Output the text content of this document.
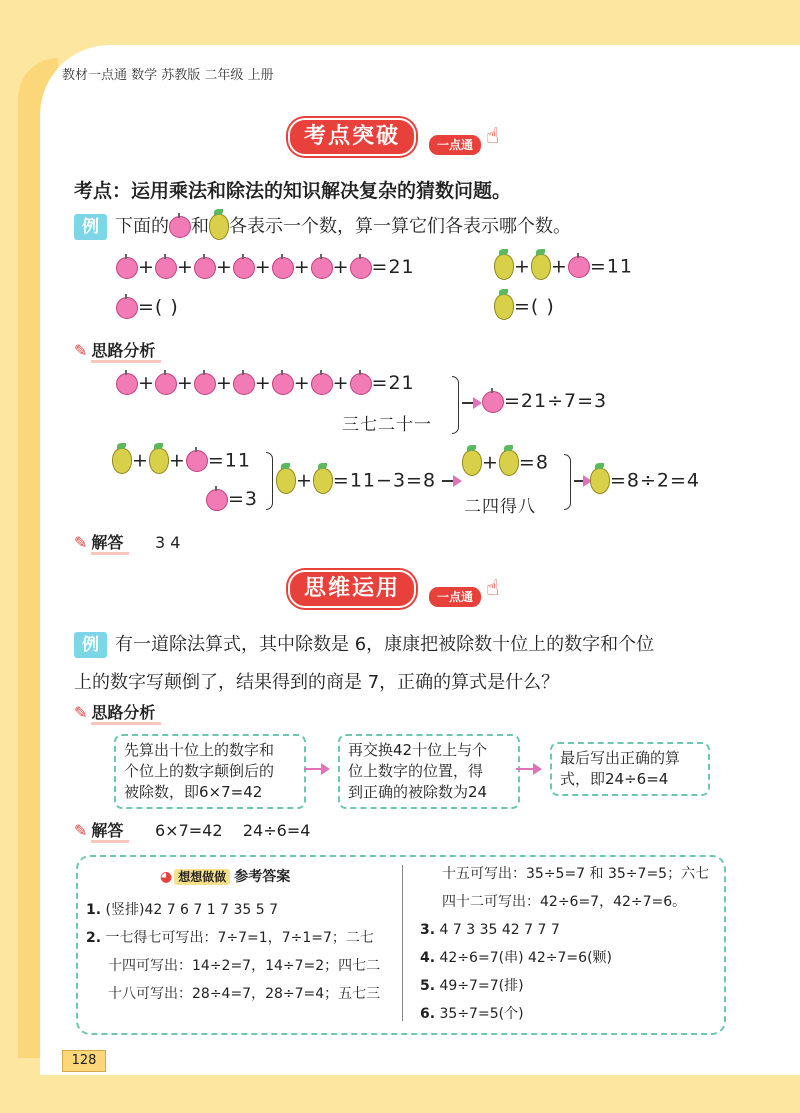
教材一点通 数学 苏教版 二年级 上册
考点突破	一点通 ☝
考点：运用乘法和除法的知识解决复杂的猜数问题。
例 下面的 和 各表示一个数，算一算它们各表示哪个数。
+ + + + + + =21	+ + =11
=( )	=( )
✎ 思路分析
+ + + + + + =21
三七二十一
=21÷7=3
+ + =11
=3
+ =11−3=8
+ =8
二四得八
=8÷2=4
✎ 解答 3 4
思维运用	一点通 ☝
例 有一道除法算式，其中除数是 6，康康把被除数十位上的数字和个位
上的数字写颠倒了，结果得到的商是 7，正确的算式是什么？
✎ 思路分析
先算出十位上的数字和
个位上的数字颠倒后的
被除数，即6×7=42
再交换42十位上与个
位上数字的位置，得
到正确的被除数为24
最后写出正确的算
式，即24÷6=4
✎ 解答 6×7=42    24÷6=4
◕ 想想做做 参考答案
1. (竖排)42 7 6 7 1 7 35 5 7
2. 一七得七可写出：7÷7=1，7÷1=7；二七
十四可写出：14÷2=7，14÷7=2；四七二
十八可写出：28÷4=7，28÷7=4；五七三
十五可写出：35÷5=7 和 35÷7=5；六七
四十二可写出：42÷6=7，42÷7=6。
3. 4 7 3 35 42 7 7 7
4. 42÷6=7(串) 42÷7=6(颗)
5. 49÷7=7(排)
6. 35÷7=5(个)
128
